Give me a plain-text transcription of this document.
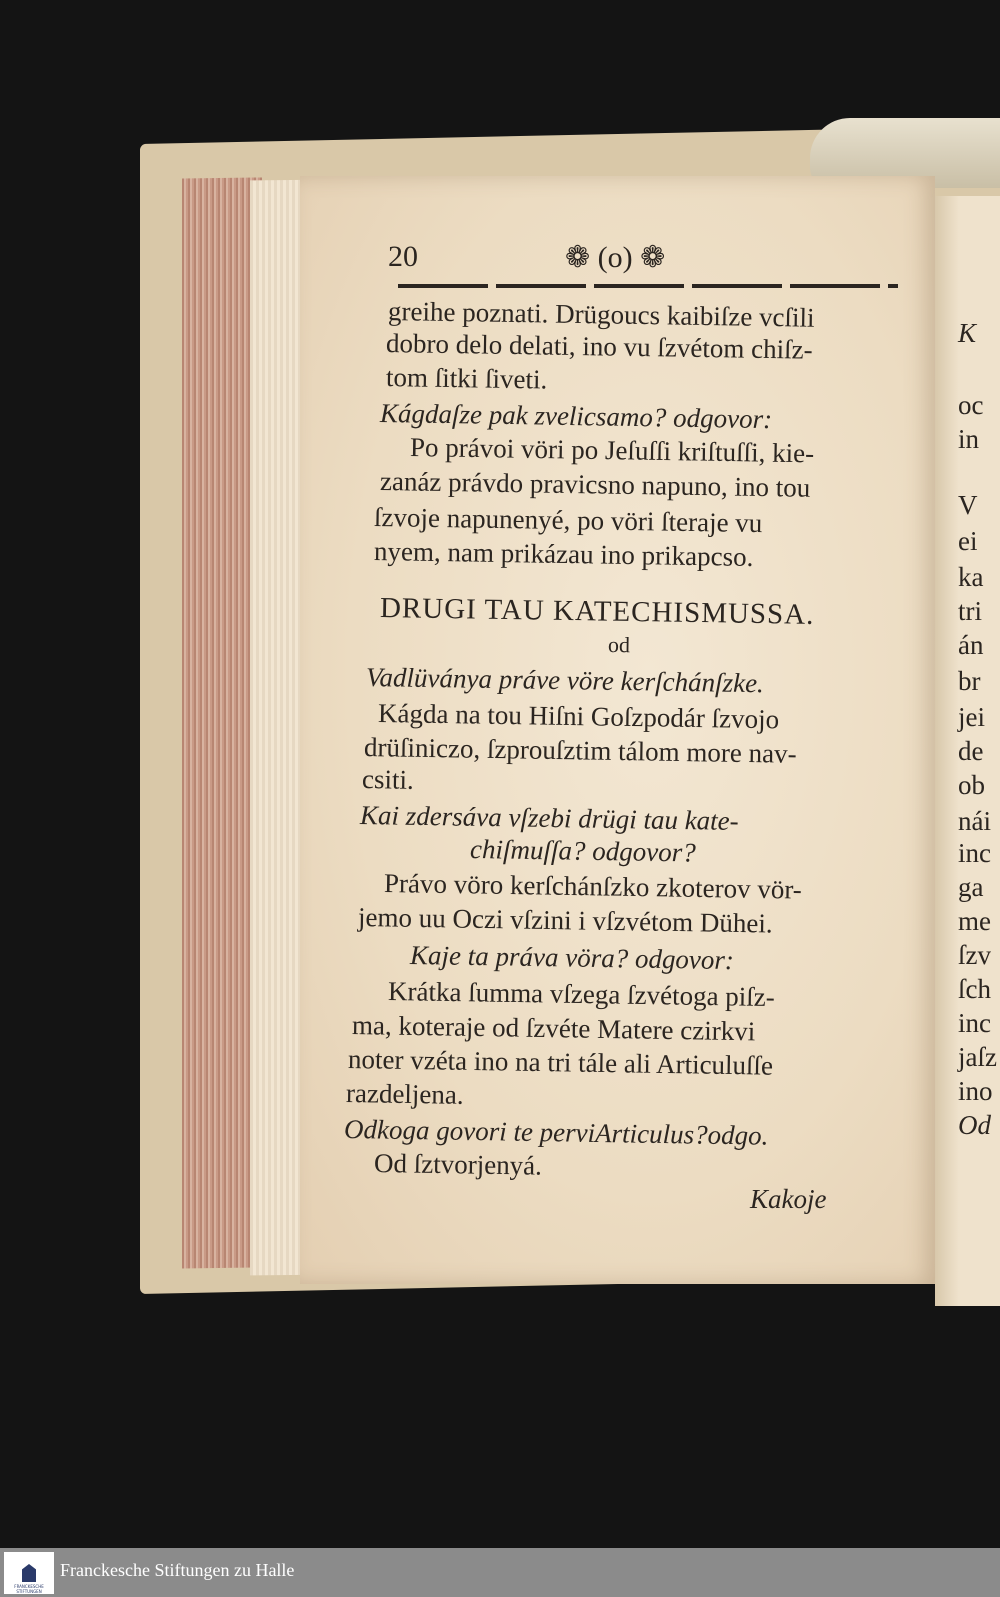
20	❁ (o) ❁
greihe poznati. Drügoucs kaibiſze vcſili
dobro delo delati, ino vu ſzvétom chiſz-
tom ſitki ſiveti.
Kágdaſze pak zvelicsamo? odgovor:
Po právoi vöri po Jeſuſſi kriſtuſſi, kie-
zanáz právdo pravicsno napuno, ino tou
ſzvoje napunenyé, po vöri ſteraje vu
nyem, nam prikázau ino prikapcso.
DRUGI TAU KATECHISMUSSA.
od
Vadlüványa práve vöre kerſchánſzke.
Kágda na tou Hiſni Goſzpodár ſzvojo
drüſiniczo, ſzprouſztim tálom more nav-
csiti.
Kai zdersáva vſzebi drügi tau kate-
chiſmuſſa? odgovor?
Právo vöro kerſchánſzko zkoterov vör-
jemo uu Oczi vſzini i vſzvétom Dühei.
Kaje ta práva vöra? odgovor:
Krátka ſumma vſzega ſzvétoga piſz-
ma, koteraje od ſzvéte Matere czirkvi
noter vzéta ino na tri tále ali Articuluſſe
razdeljena.
Odkoga govori te perviArticulus?odgo.
Od ſztvorjenyá.
Kakoje
K
oc
in
V
ei
ka
tri
án
br
jei
de
ob
nái
inc
ga
me
ſzv
ſch
inc
jaſz
ino
Od
FRANCKESCHE STIFTUNGEN
Franckesche Stiftungen zu Halle
